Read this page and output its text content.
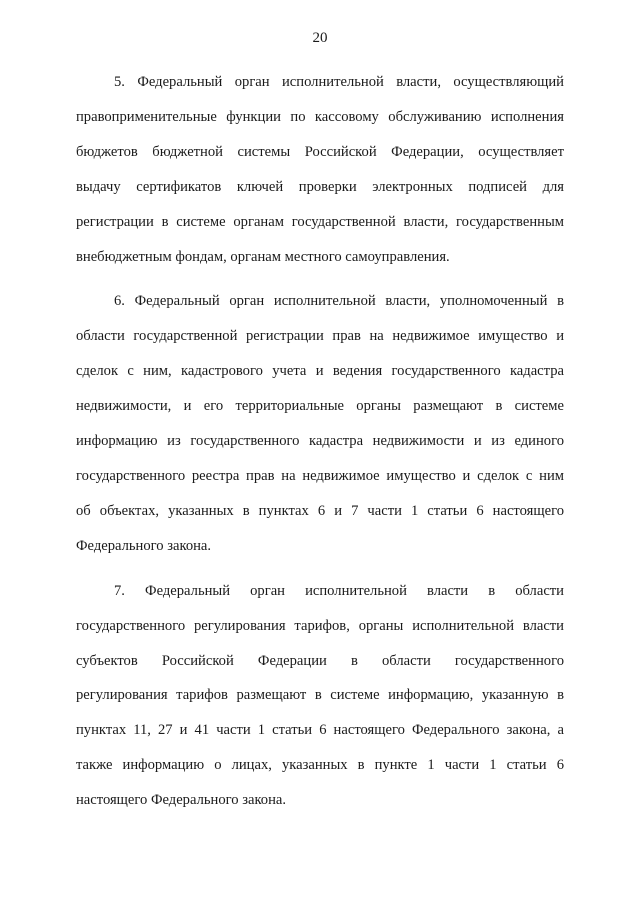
20

5. Федеральный орган исполнительной власти, осуществляющий
правоприменительные функции по кассовому обслуживанию исполнения
бюджетов бюджетной системы Российской Федерации, осуществляет
выдачу сертификатов ключей проверки электронных подписей для
регистрации в системе органам государственной власти, государственным
внебюджетным фондам, органам местного самоуправления.

6. Федеральный орган исполнительной власти, уполномоченный в
области государственной регистрации прав на недвижимое имущество и
сделок с ним, кадастрового учета и ведения государственного кадастра
недвижимости, и его территориальные органы размещают в системе
информацию из государственного кадастра недвижимости и из единого
государственного реестра прав на недвижимое имущество и сделок с ним
об объектах, указанных в пунктах 6 и 7 части 1 статьи 6 настоящего
Федерального закона.

7. Федеральный орган исполнительной власти в области
государственного регулирования тарифов, органы исполнительной власти
субъектов Российской Федерации в области государственного
регулирования тарифов размещают в системе информацию, указанную в
пунктах 11, 27 и 41 части 1 статьи 6 настоящего Федерального закона, а
также информацию о лицах, указанных в пункте 1 части 1 статьи 6
настоящего Федерального закона.
